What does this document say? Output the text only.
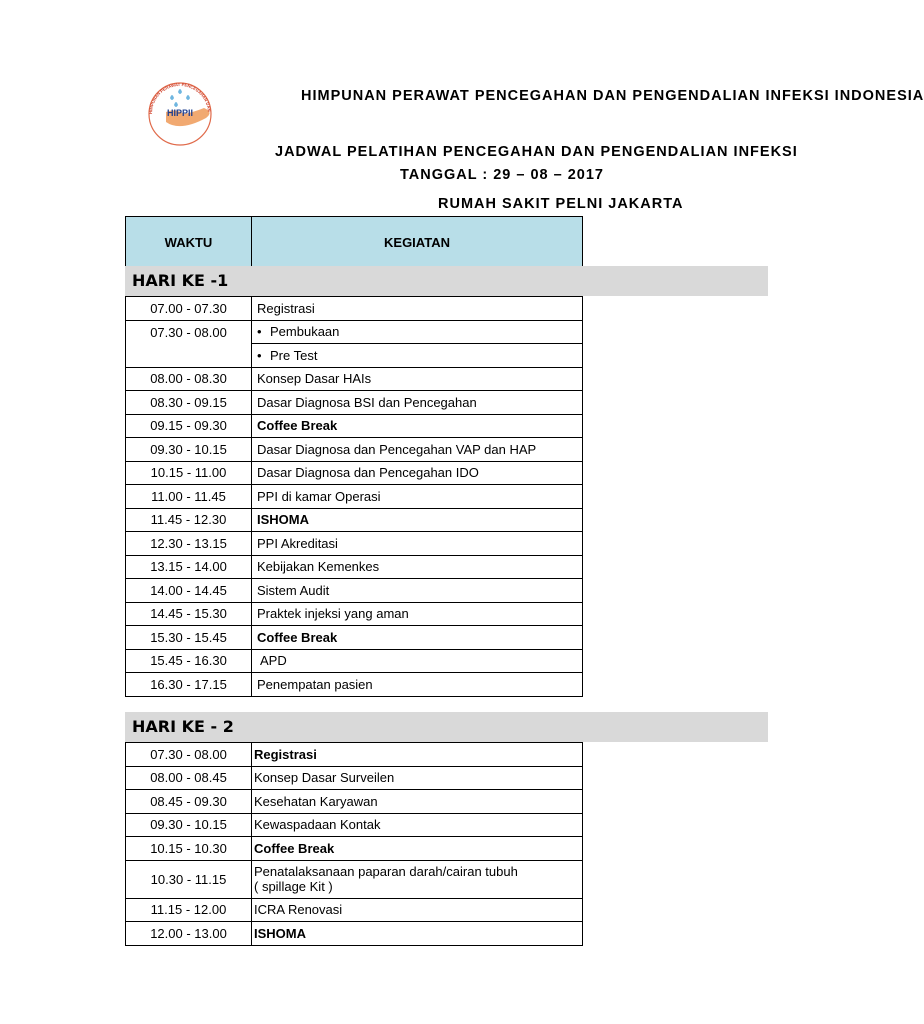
HIPPII
HIMPUNAN PERAWAT PENCEGAHAN DAN
HIMPUNAN PERAWAT PENCEGAHAN DAN PENGENDALIAN INFEKSI INDONESIA
JADWAL PELATIHAN PENCEGAHAN DAN PENGENDALIAN INFEKSI
TANGGAL : 29 – 08 – 2017
RUMAH SAKIT PELNI JAKARTA
WAKTU	KEGIATAN
07.00 - 07.30	Registrasi
07.30 - 08.00	• Pembukaan
	• Pre Test
08.00 - 08.30	Konsep Dasar HAIs
08.30 - 09.15	Dasar Diagnosa BSI dan Pencegahan
09.15 - 09.30	Coffee Break
09.30 - 10.15	Dasar Diagnosa dan Pencegahan VAP dan HAP
10.15 - 11.00	Dasar Diagnosa dan Pencegahan IDO
11.00 - 11.45	PPI di kamar Operasi
11.45 - 12.30	ISHOMA
12.30 - 13.15	PPI Akreditasi
13.15 - 14.00	Kebijakan Kemenkes
14.00 - 14.45	Sistem Audit
14.45 - 15.30	Praktek injeksi yang aman
15.30 - 15.45	Coffee Break
15.45 - 16.30	APD
16.30 - 17.15	Penempatan pasien
07.30 - 08.00	Registrasi
08.00 - 08.45	Konsep Dasar Surveilen
08.45 - 09.30	Kesehatan Karyawan
09.30 - 10.15	Kewaspadaan Kontak
10.15 - 10.30	Coffee Break
10.30 - 11.15	Penatalaksanaan paparan darah/cairan tubuh
( spillage Kit )
11.15 - 12.00	ICRA Renovasi
12.00 - 13.00	ISHOMA
HARI KE -1
HARI KE - 2
